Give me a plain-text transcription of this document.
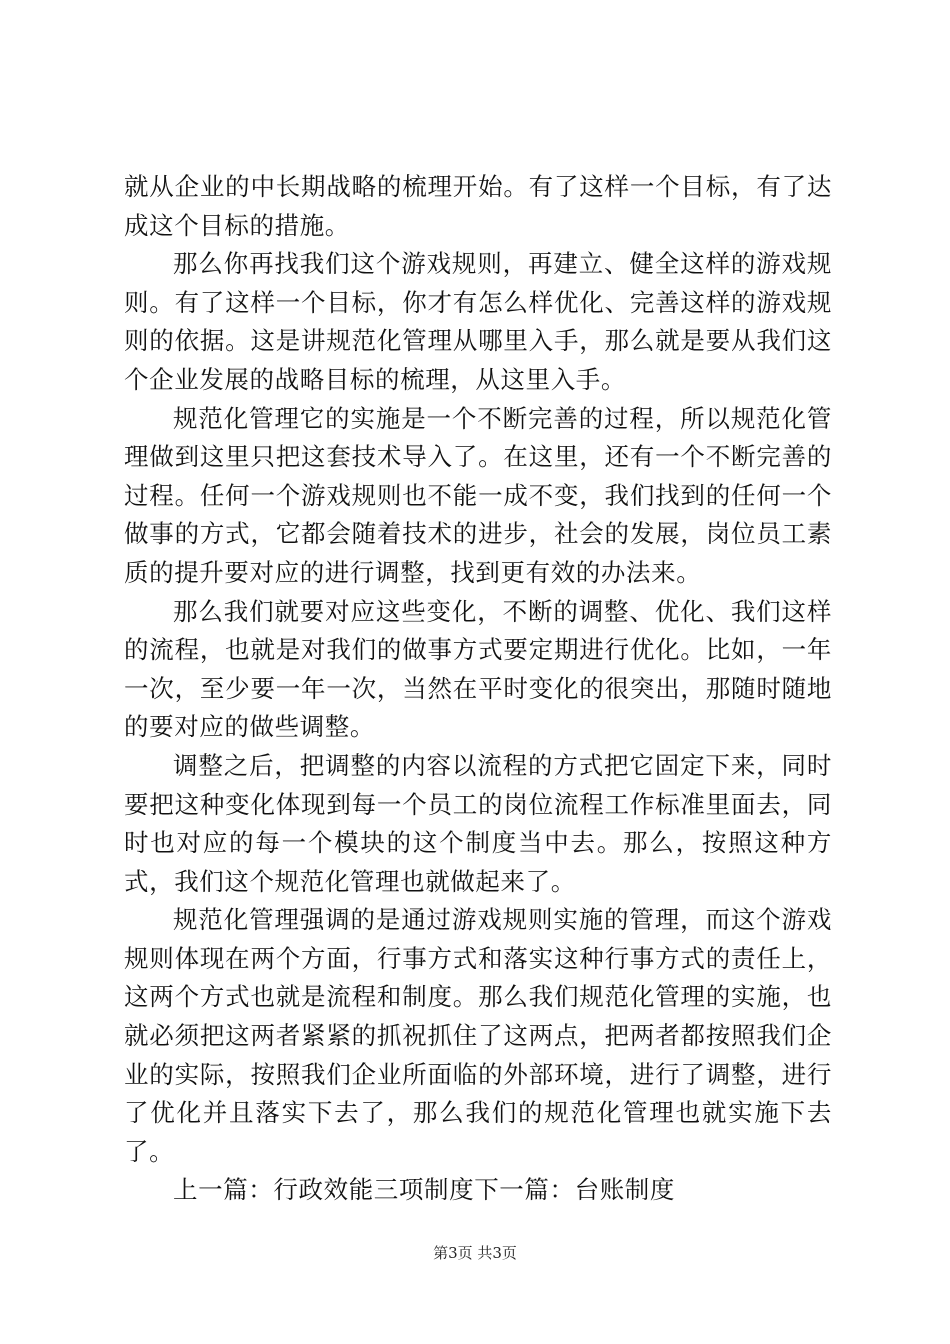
就从企业的中长期战略的梳理开始。有了这样一个目标，有了达成这个目标的措施。

那么你再找我们这个游戏规则，再建立、健全这样的游戏规则。有了这样一个目标，你才有怎么样优化、完善这样的游戏规则的依据。这是讲规范化管理从哪里入手，那么就是要从我们这个企业发展的战略目标的梳理，从这里入手。

规范化管理它的实施是一个不断完善的过程，所以规范化管理做到这里只把这套技术导入了。在这里，还有一个不断完善的过程。任何一个游戏规则也不能一成不变，我们找到的任何一个做事的方式，它都会随着技术的进步，社会的发展，岗位员工素质的提升要对应的进行调整，找到更有效的办法来。

那么我们就要对应这些变化，不断的调整、优化、我们这样的流程，也就是对我们的做事方式要定期进行优化。比如，一年一次，至少要一年一次，当然在平时变化的很突出，那随时随地的要对应的做些调整。

调整之后，把调整的内容以流程的方式把它固定下来，同时要把这种变化体现到每一个员工的岗位流程工作标准里面去，同时也对应的每一个模块的这个制度当中去。那么，按照这种方式，我们这个规范化管理也就做起来了。

规范化管理强调的是通过游戏规则实施的管理，而这个游戏规则体现在两个方面，行事方式和落实这种行事方式的责任上，这两个方式也就是流程和制度。那么我们规范化管理的实施，也就必须把这两者紧紧的抓祝抓住了这两点，把两者都按照我们企业的实际，按照我们企业所面临的外部环境，进行了调整，进行了优化并且落实下去了，那么我们的规范化管理也就实施下去了。

上一篇：行政效能三项制度下一篇：台账制度

第3页 共3页
